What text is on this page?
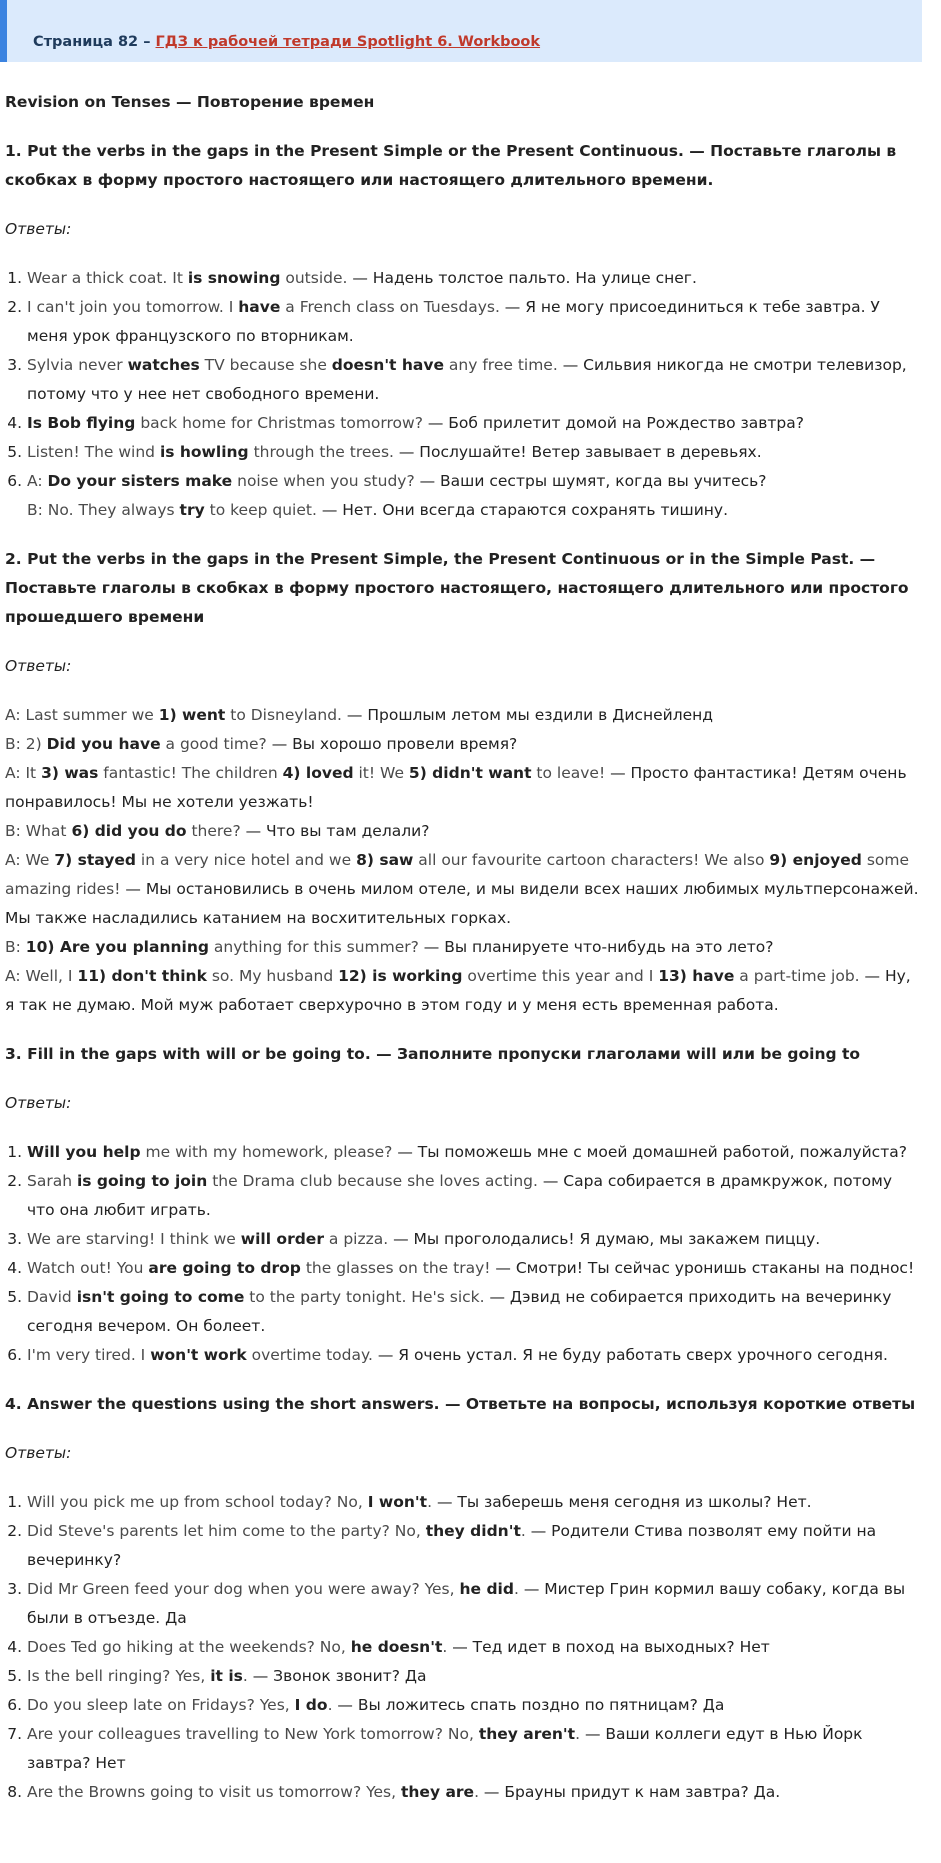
Страница 82 – ГДЗ к рабочей тетради Spotlight 6. Workbook

Revision on Tenses — Повторение времен

1. Put the verbs in the gaps in the Present Simple or the Present Continuous. — Поставьте глаголы в скобках в форму простого настоящего или настоящего длительного времени.

Ответы:

1. Wear a thick coat. It is snowing outside. — Надень толстое пальто. На улице снег.
2. I can't join you tomorrow. I have a French class on Tuesdays. — Я не могу присоединиться к тебе завтра. У меня урок французского по вторникам.
3. Sylvia never watches TV because she doesn't have any free time. — Сильвия никогда не смотри телевизор, потому что у нее нет свободного времени.
4. Is Bob flying back home for Christmas tomorrow? — Боб прилетит домой на Рождество завтра?
5. Listen! The wind is howling through the trees. — Послушайте! Ветер завывает в деревьях.
6. A: Do your sisters make noise when you study? — Ваши сестры шумят, когда вы учитесь?
B: No. They always try to keep quiet. — Нет. Они всегда стараются сохранять тишину.

2. Put the verbs in the gaps in the Present Simple, the Present Continuous or in the Simple Past. — Поставьте глаголы в скобках в форму простого настоящего, настоящего длительного или простого прошедшего времени

Ответы:

A: Last summer we 1) went to Disneyland. — Прошлым летом мы ездили в Диснейленд

B: 2) Did you have a good time? — Вы хорошо провели время?

A: It 3) was fantastic! The children 4) loved it! We 5) didn't want to leave! — Просто фантастика! Детям очень понравилось! Мы не хотели уезжать!

B: What 6) did you do there? — Что вы там делали?

A: We 7) stayed in a very nice hotel and we 8) saw all our favourite cartoon characters! We also 9) enjoyed some amazing rides! — Мы остановились в очень милом отеле, и мы видели всех наших любимых мультперсонажей. Мы также насладились катанием на восхитительных горках.

B: 10) Are you planning anything for this summer? — Вы планируете что-нибудь на это лето?

A: Well, I 11) don't think so. My husband 12) is working overtime this year and I 13) have a part-time job. — Ну, я так не думаю. Мой муж работает сверхурочно в этом году и у меня есть временная работа.

3. Fill in the gaps with will or be going to. — Заполните пропуски глаголами will или be going to

Ответы:

1. Will you help me with my homework, please? — Ты поможешь мне с моей домашней работой, пожалуйста?
2. Sarah is going to join the Drama club because she loves acting. — Сара собирается в драмкружок, потому что она любит играть.
3. We are starving! I think we will order a pizza. — Мы проголодались! Я думаю, мы закажем пиццу.
4. Watch out! You are going to drop the glasses on the tray! — Смотри! Ты сейчас уронишь стаканы на поднос!
5. David isn't going to come to the party tonight. He's sick. — Дэвид не собирается приходить на вечеринку сегодня вечером. Он болеет.
6. I'm very tired. I won't work overtime today. — Я очень устал. Я не буду работать сверх урочного сегодня.

4. Answer the questions using the short answers. — Ответьте на вопросы, используя короткие ответы

Ответы:

1. Will you pick me up from school today? No, I won't. — Ты заберешь меня сегодня из школы? Нет.
2. Did Steve's parents let him come to the party? No, they didn't. — Родители Стива позволят ему пойти на вечеринку?
3. Did Mr Green feed your dog when you were away? Yes, he did. — Мистер Грин кормил вашу собаку, когда вы были в отъезде. Да
4. Does Ted go hiking at the weekends? No, he doesn't. — Тед идет в поход на выходных? Нет
5. Is the bell ringing? Yes, it is. — Звонок звонит? Да
6. Do you sleep late on Fridays? Yes, I do. — Вы ложитесь спать поздно по пятницам? Да
7. Are your colleagues travelling to New York tomorrow? No, they aren't. — Ваши коллеги едут в Нью Йорк завтра? Нет
8. Are the Browns going to visit us tomorrow? Yes, they are. — Брауны придут к нам завтра? Да.
